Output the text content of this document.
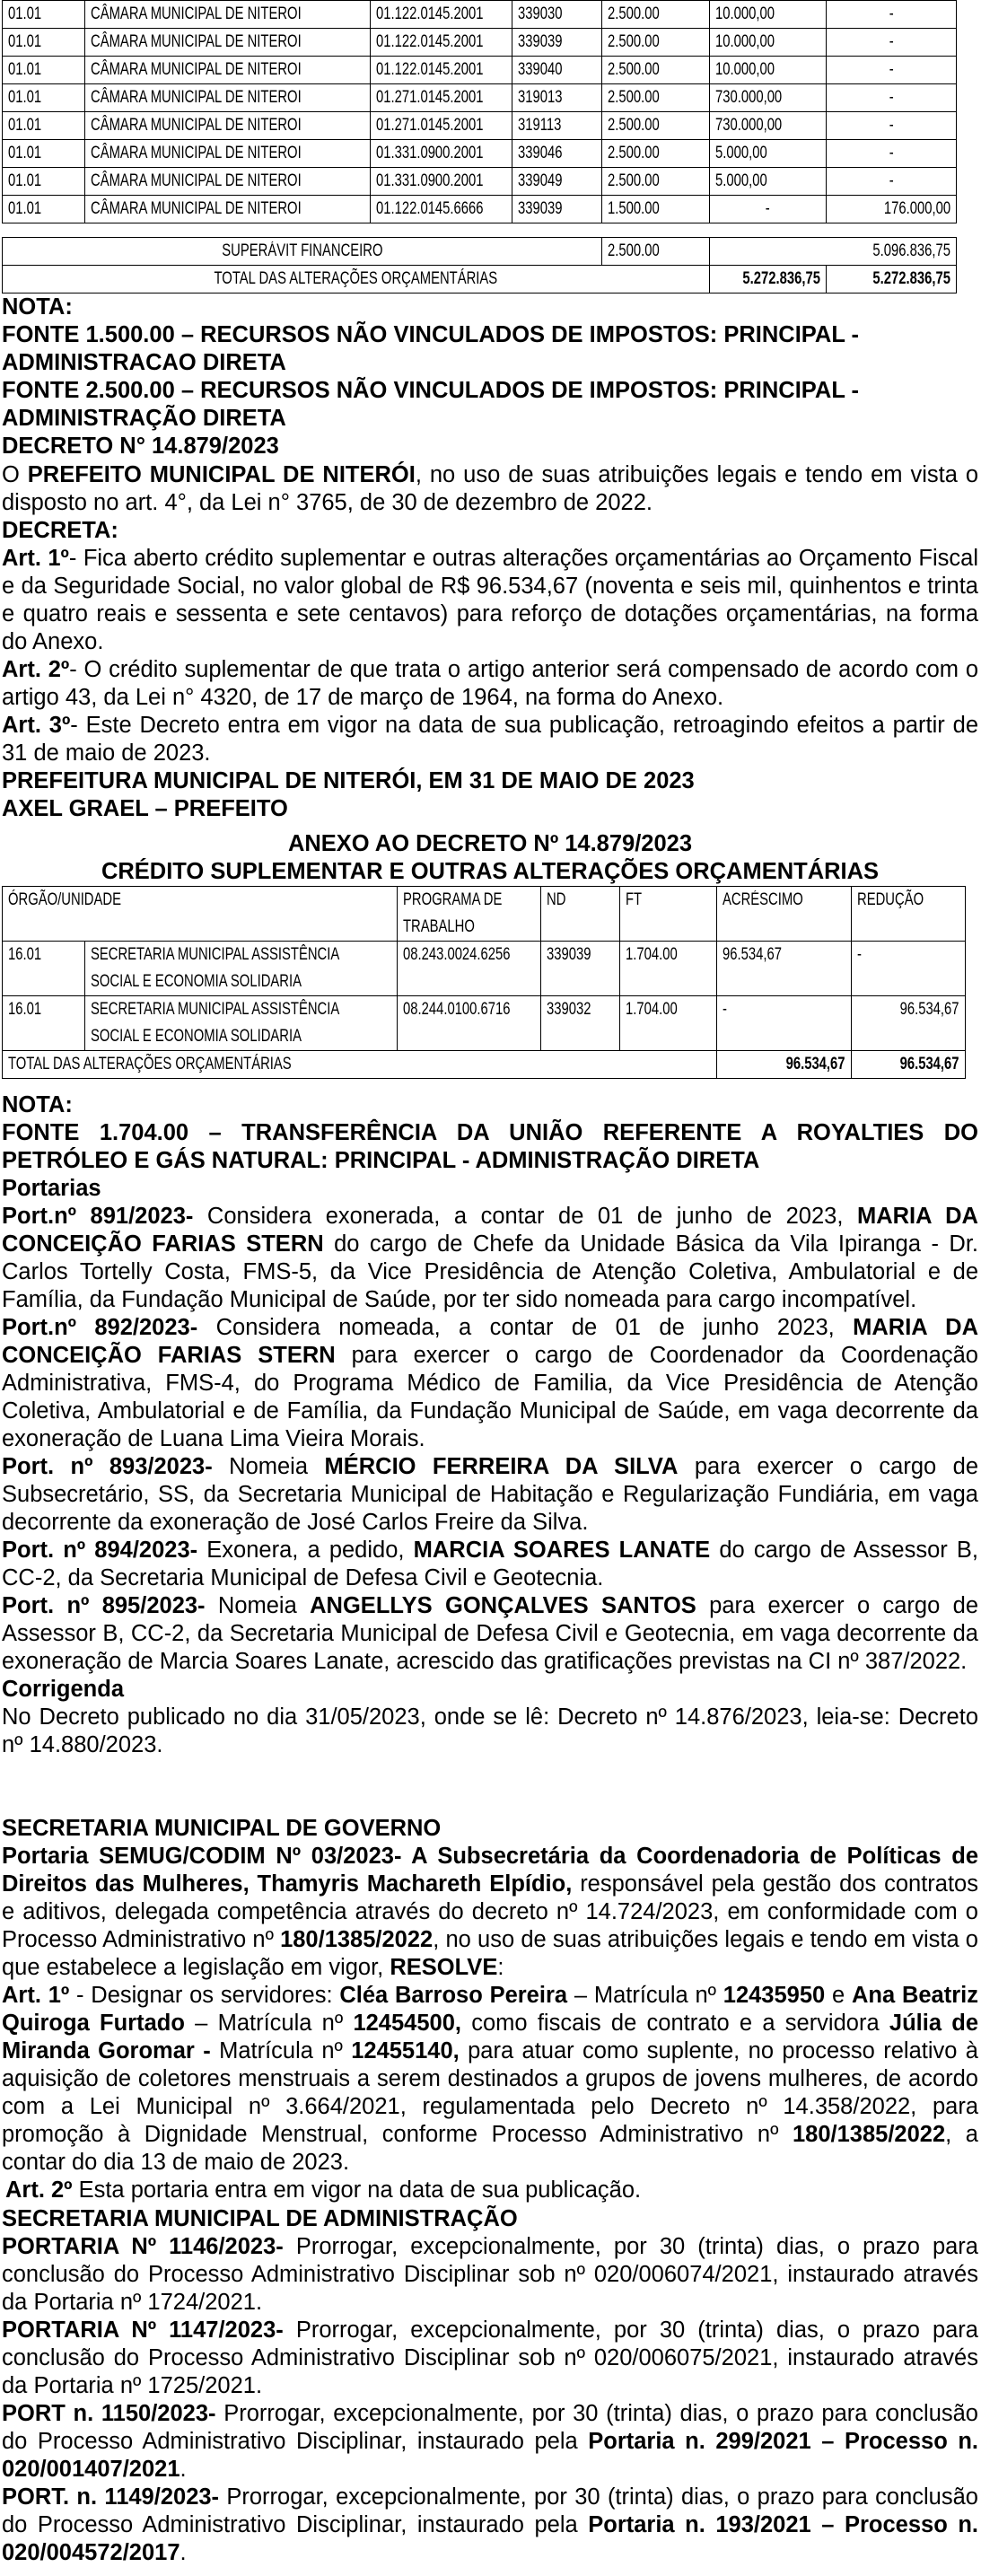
01.01	CÂMARA MUNICIPAL DE NITEROI	01.122.0145.2001	339030	2.500.00	10.000,00	-
01.01	CÂMARA MUNICIPAL DE NITEROI	01.122.0145.2001	339039	2.500.00	10.000,00	-
01.01	CÂMARA MUNICIPAL DE NITEROI	01.122.0145.2001	339040	2.500.00	10.000,00	-
01.01	CÂMARA MUNICIPAL DE NITEROI	01.271.0145.2001	319013	2.500.00	730.000,00	-
01.01	CÂMARA MUNICIPAL DE NITEROI	01.271.0145.2001	319113	2.500.00	730.000,00	-
01.01	CÂMARA MUNICIPAL DE NITEROI	01.331.0900.2001	339046	2.500.00	5.000,00	-
01.01	CÂMARA MUNICIPAL DE NITEROI	01.331.0900.2001	339049	2.500.00	5.000,00	-
01.01	CÂMARA MUNICIPAL DE NITEROI	01.122.0145.6666	339039	1.500.00	-	176.000,00
SUPERÁVIT FINANCEIRO	2.500.00		5.096.836,75
TOTAL DAS ALTERAÇÕES ORÇAMENTÁRIAS		5.272.836,75	5.272.836,75
NOTA:
FONTE 1.500.00 – RECURSOS NÃO VINCULADOS DE IMPOSTOS: PRINCIPAL - ADMINISTRACAO DIRETA
FONTE 2.500.00 – RECURSOS NÃO VINCULADOS DE IMPOSTOS: PRINCIPAL - ADMINISTRAÇÃO DIRETA
DECRETO N° 14.879/2023
O PREFEITO MUNICIPAL DE NITERÓI, no uso de suas atribuições legais e tendo em vista o disposto no art. 4°, da Lei n° 3765, de 30 de dezembro de 2022.
DECRETA:
Art. 1º- Fica aberto crédito suplementar e outras alterações orçamentárias ao Orçamento Fiscal e da Seguridade Social, no valor global de R$ 96.534,67 (noventa e seis mil, quinhentos e trinta e quatro reais e sessenta e sete centavos) para reforço de dotações orçamentárias, na forma do Anexo.
Art. 2º- O crédito suplementar de que trata o artigo anterior será compensado de acordo com o artigo 43, da Lei n° 4320, de 17 de março de 1964, na forma do Anexo.
Art. 3º- Este Decreto entra em vigor na data de sua publicação, retroagindo efeitos a partir de 31 de maio de 2023.
PREFEITURA MUNICIPAL DE NITERÓI, EM 31 DE MAIO DE 2023
AXEL GRAEL – PREFEITO
ANEXO AO DECRETO Nº 14.879/2023
CRÉDITO SUPLEMENTAR E OUTRAS ALTERAÇÕES ORÇAMENTÁRIAS
ÓRGÃO/UNIDADE		PROGRAMA DE TRABALHO	ND	FT	ACRÉSCIMO	REDUÇÃO
16.01	SECRETARIA MUNICIPAL ASSISTÊNCIA SOCIAL E ECONOMIA SOLIDARIA	08.243.0024.6256	339039	1.704.00	96.534,67	-
16.01	SECRETARIA MUNICIPAL ASSISTÊNCIA SOCIAL E ECONOMIA SOLIDARIA	08.244.0100.6716	339032	1.704.00	-	96.534,67
TOTAL DAS ALTERAÇÕES ORÇAMENTÁRIAS					96.534,67	96.534,67
NOTA:
FONTE 1.704.00 – TRANSFERÊNCIA DA UNIÃO REFERENTE A ROYALTIES DO PETRÓLEO E GÁS NATURAL: PRINCIPAL - ADMINISTRAÇÃO DIRETA
Portarias
Port.nº 891/2023- Considera exonerada, a contar de 01 de junho de 2023, MARIA DA CONCEIÇÃO FARIAS STERN do cargo de Chefe da Unidade Básica da Vila Ipiranga - Dr. Carlos Tortelly Costa, FMS-5, da Vice Presidência de Atenção Coletiva, Ambulatorial e de Família, da Fundação Municipal de Saúde, por ter sido nomeada para cargo incompatível.
Port.nº 892/2023- Considera nomeada, a contar de 01 de junho 2023, MARIA DA CONCEIÇÃO FARIAS STERN para exercer o cargo de Coordenador da Coordenação Administrativa, FMS-4, do Programa Médico de Familia, da Vice Presidência de Atenção Coletiva, Ambulatorial e de Família, da Fundação Municipal de Saúde, em vaga decorrente da exoneração de Luana Lima Vieira Morais.
Port. nº 893/2023- Nomeia MÉRCIO FERREIRA DA SILVA para exercer o cargo de Subsecretário, SS, da Secretaria Municipal de Habitação e Regularização Fundiária, em vaga decorrente da exoneração de José Carlos Freire da Silva.
Port. nº 894/2023- Exonera, a pedido, MARCIA SOARES LANATE do cargo de Assessor B, CC-2, da Secretaria Municipal de Defesa Civil e Geotecnia.
Port. nº 895/2023- Nomeia ANGELLYS GONÇALVES SANTOS para exercer o cargo de Assessor B, CC-2, da Secretaria Municipal de Defesa Civil e Geotecnia, em vaga decorrente da exoneração de Marcia Soares Lanate, acrescido das gratificações previstas na CI nº 387/2022.
Corrigenda
No Decreto publicado no dia 31/05/2023, onde se lê: Decreto nº 14.876/2023, leia-se: Decreto nº 14.880/2023.
SECRETARIA MUNICIPAL DE GOVERNO
Portaria SEMUG/CODIM Nº 03/2023- A Subsecretária da Coordenadoria de Políticas de Direitos das Mulheres, Thamyris Machareth Elpídio, responsável pela gestão dos contratos e aditivos, delegada competência através do decreto nº 14.724/2023, em conformidade com o Processo Administrativo nº 180/1385/2022, no uso de suas atribuições legais e tendo em vista o que estabelece a legislação em vigor, RESOLVE:
Art. 1º - Designar os servidores: Cléa Barroso Pereira – Matrícula nº 12435950 e Ana Beatriz Quiroga Furtado – Matrícula nº 12454500, como fiscais de contrato e a servidora Júlia de Miranda Goromar - Matrícula nº 12455140, para atuar como suplente, no processo relativo à aquisição de coletores menstruais a serem destinados a grupos de jovens mulheres, de acordo com a Lei Municipal nº 3.664/2021, regulamentada pelo Decreto nº 14.358/2022, para promoção à Dignidade Menstrual, conforme Processo Administrativo nº 180/1385/2022, a contar do dia 13 de maio de 2023.
Art. 2º Esta portaria entra em vigor na data de sua publicação.
SECRETARIA MUNICIPAL DE ADMINISTRAÇÃO
PORTARIA Nº 1146/2023- Prorrogar, excepcionalmente, por 30 (trinta) dias, o prazo para conclusão do Processo Administrativo Disciplinar sob nº 020/006074/2021, instaurado através da Portaria nº 1724/2021.
PORTARIA Nº 1147/2023- Prorrogar, excepcionalmente, por 30 (trinta) dias, o prazo para conclusão do Processo Administrativo Disciplinar sob nº 020/006075/2021, instaurado através da Portaria nº 1725/2021.
PORT n. 1150/2023- Prorrogar, excepcionalmente, por 30 (trinta) dias, o prazo para conclusão do Processo Administrativo Disciplinar, instaurado pela Portaria n. 299/2021 – Processo n. 020/001407/2021.
PORT. n. 1149/2023- Prorrogar, excepcionalmente, por 30 (trinta) dias, o prazo para conclusão do Processo Administrativo Disciplinar, instaurado pela Portaria n. 193/2021 – Processo n. 020/004572/2017.
